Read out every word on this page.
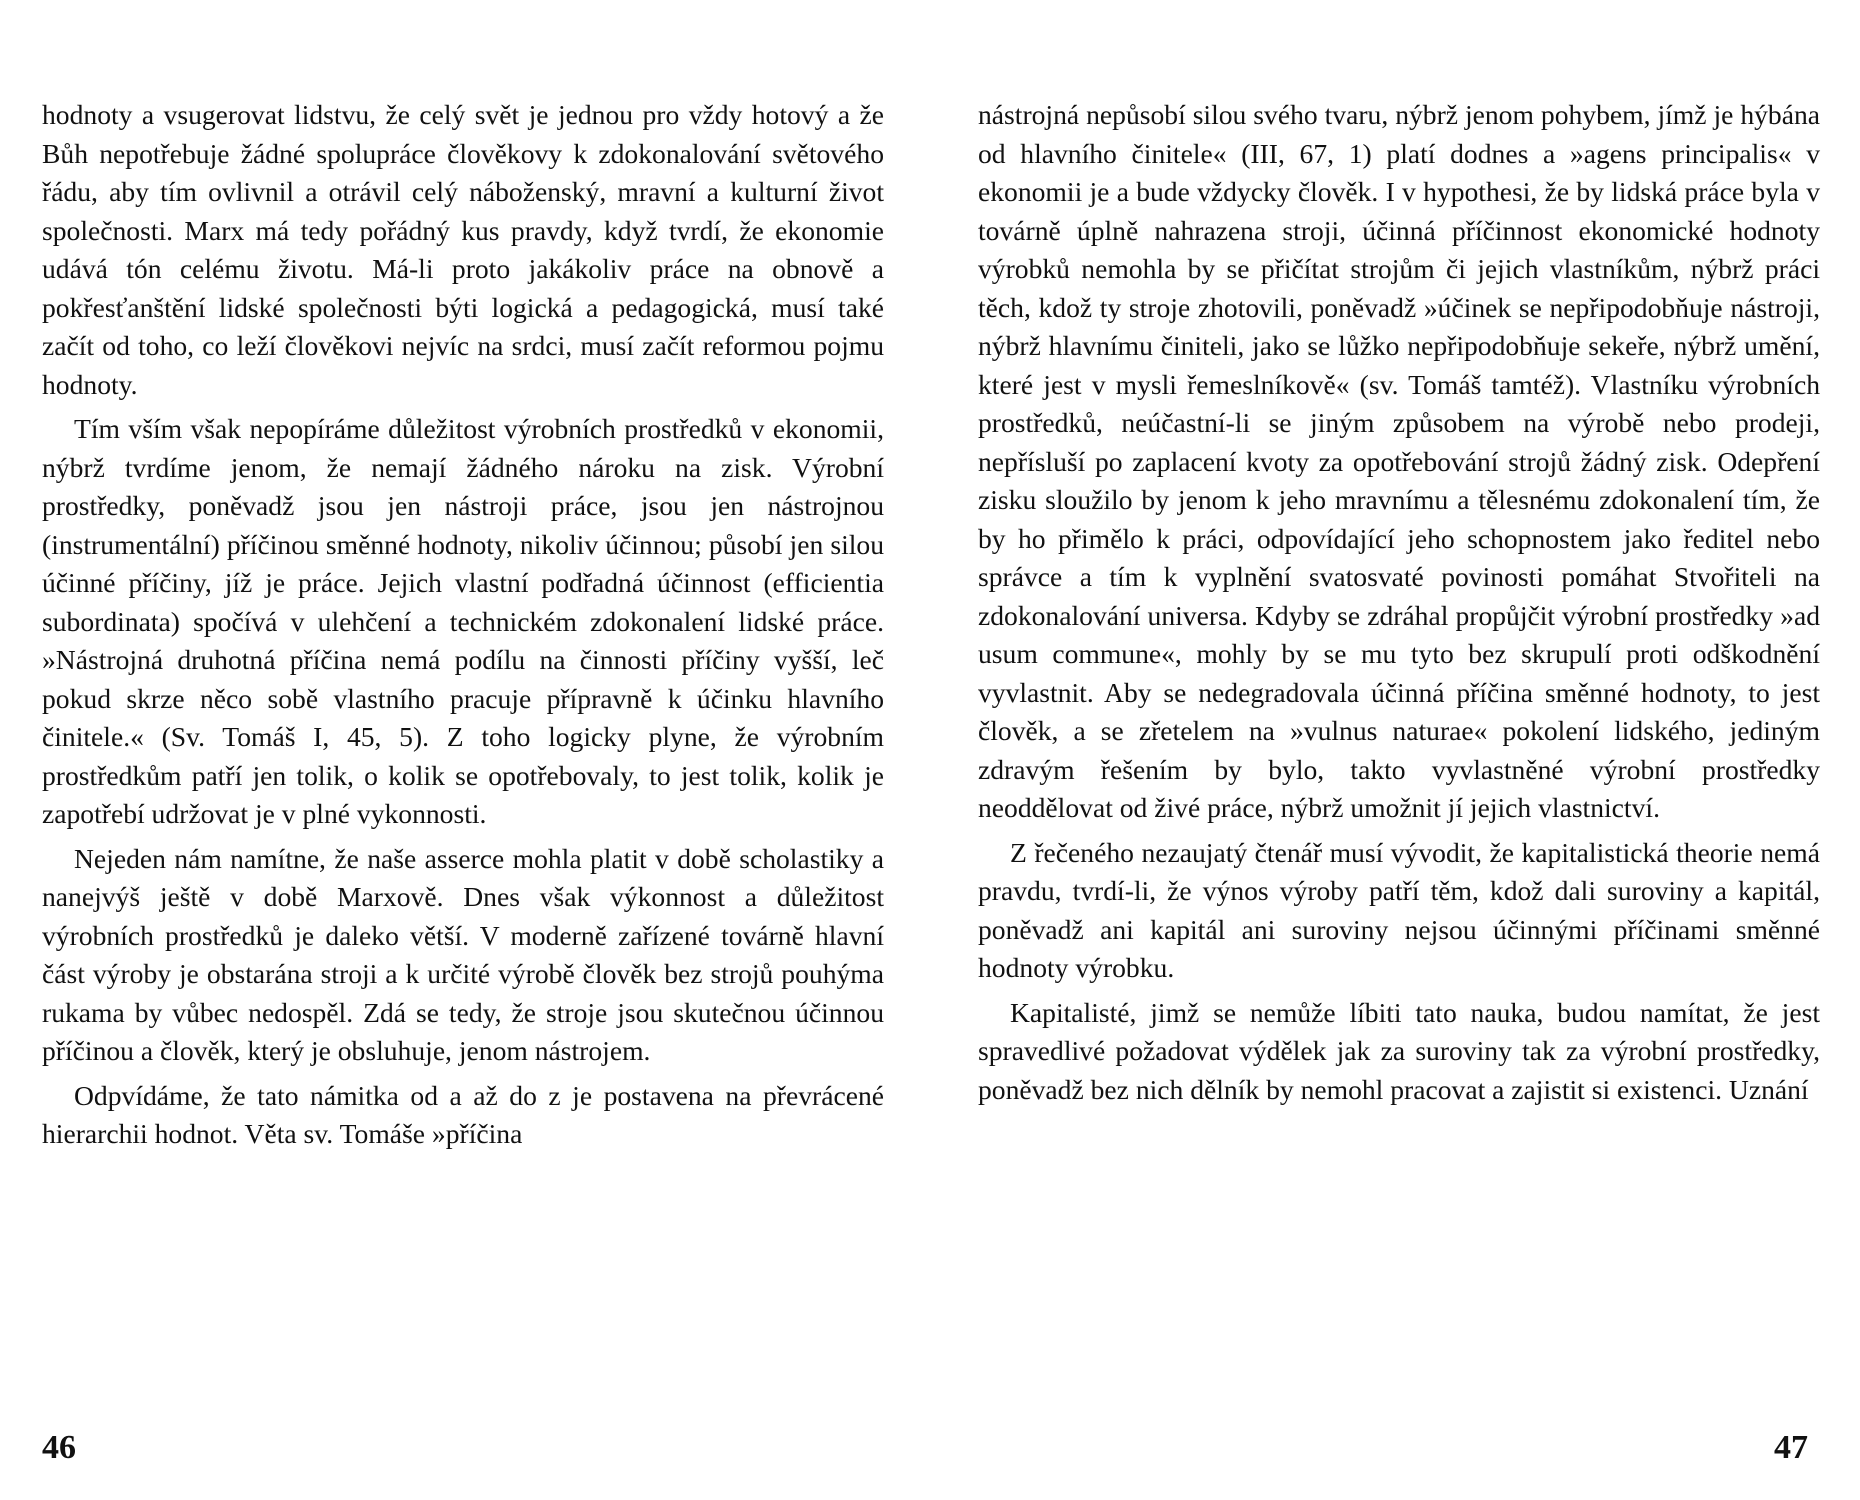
hodnoty a vsugerovat lidstvu, že celý svět je jednou pro vždy hotový a že Bůh nepotřebuje žádné spolupráce člověkovy k zdokonalování světového řádu, aby tím ovlivnil a otrávil celý náboženský, mravní a kulturní život společnosti. Marx má tedy pořádný kus pravdy, když tvrdí, že ekonomie udává tón celému životu. Má-li proto jakákoliv práce na obnově a pokřesťanštění lidské společnosti býti logická a pedagogická, musí také začít od toho, co leží člověkovi nejvíc na srdci, musí začít reformou pojmu hodnoty.

Tím vším však nepopíráme důležitost výrobních prostředků v ekonomii, nýbrž tvrdíme jenom, že nemají žádného nároku na zisk. Výrobní prostředky, poněvadž jsou jen nástroji práce, jsou jen nástrojnou (instrumentální) příčinou směnné hodnoty, nikoliv účinnou; působí jen silou účinné příčiny, jíž je práce. Jejich vlastní podřadná účinnost (efficientia subordinata) spočívá v ulehčení a technickém zdokonalení lidské práce. »Nástrojná druhotná příčina nemá podílu na činnosti příčiny vyšší, leč pokud skrze něco sobě vlastního pracuje přípravně k účinku hlavního činitele.« (Sv. Tomáš I, 45, 5). Z toho logicky plyne, že výrobním prostředkům patří jen tolik, o kolik se opotřebovaly, to jest tolik, kolik je zapotřebí udržovat je v plné vykonnosti.

Nejeden nám namítne, že naše asserce mohla platit v době scholastiky a nanejvýš ještě v době Marxově. Dnes však výkonnost a důležitost výrobních prostředků je daleko větší. V moderně zařízené továrně hlavní část výroby je obstarána stroji a k určité výrobě člověk bez strojů pouhýma rukama by vůbec nedospěl. Zdá se tedy, že stroje jsou skutečnou účinnou příčinou a člověk, který je obsluhuje, jenom nástrojem.

Odpvídáme, že tato námitka od a až do z je postavena na převrácené hierarchii hodnot. Věta sv. Tomáše »příčina

nástrojná nepůsobí silou svého tvaru, nýbrž jenom pohybem, jímž je hýbána od hlavního činitele« (III, 67, 1) platí dodnes a »agens principalis« v ekonomii je a bude vždycky člověk. I v hypothesi, že by lidská práce byla v továrně úplně nahrazena stroji, účinná příčinnost ekonomické hodnoty výrobků nemohla by se přičítat strojům či jejich vlastníkům, nýbrž práci těch, kdož ty stroje zhotovili, poněvadž »účinek se nepřipodobňuje nástroji, nýbrž hlavnímu činiteli, jako se lůžko nepřipodobňuje sekeře, nýbrž umění, které jest v mysli řemeslníkově« (sv. Tomáš tamtéž). Vlastníku výrobních prostředků, neúčastní-li se jiným způsobem na výrobě nebo prodeji, nepřísluší po zaplacení kvoty za opotřebování strojů žádný zisk. Odepření zisku sloužilo by jenom k jeho mravnímu a tělesnému zdokonalení tím, že by ho přimělo k práci, odpovídající jeho schopnostem jako ředitel nebo správce a tím k vyplnění svatosvaté povinosti pomáhat Stvořiteli na zdokonalování universa. Kdyby se zdráhal propůjčit výrobní prostředky »ad usum commune«, mohly by se mu tyto bez skrupulí proti odškodnění vyvlastnit. Aby se nedegradovala účinná příčina směnné hodnoty, to jest člověk, a se zřetelem na »vulnus naturae« pokolení lidského, jediným zdravým řešením by bylo, takto vyvlastněné výrobní prostředky neoddělovat od živé práce, nýbrž umožnit jí jejich vlastnictví.

Z řečeného nezaujatý čtenář musí vývodit, že kapitalistická theorie nemá pravdu, tvrdí-li, že výnos výroby patří těm, kdož dali suroviny a kapitál, poněvadž ani kapitál ani suroviny nejsou účinnými příčinami směnné hodnoty výrobku.

Kapitalisté, jimž se nemůže líbiti tato nauka, budou namítat, že jest spravedlivé požadovat výdělek jak za suroviny tak za výrobní prostředky, poněvadž bez nich dělník by nemohl pracovat a zajistit si existenci. Uznání

46	47
